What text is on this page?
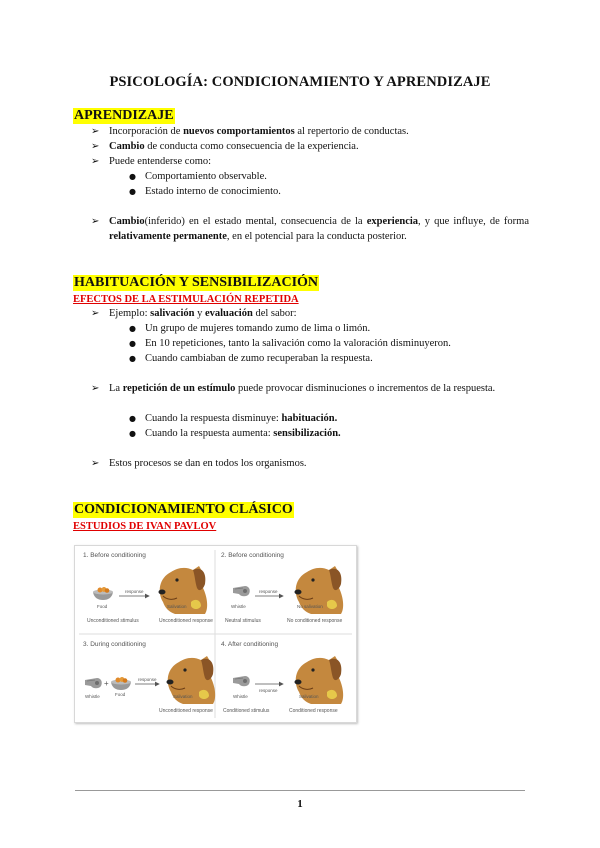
PSICOLOGÍA: CONDICIONAMIENTO Y APRENDIZAJE
APRENDIZAJE
➢ Incorporación de nuevos comportamientos al repertorio de conductas.
➢ Cambio de conducta como consecuencia de la experiencia.
➢ Puede entenderse como:
● Comportamiento observable.
● Estado interno de conocimiento.
➢ Cambio(inferido) en el estado mental, consecuencia de la experiencia, y que influye, de forma relativamente permanente, en el potencial para la conducta posterior.
HABITUACIÓN Y SENSIBILIZACIÓN
EFECTOS DE LA ESTIMULACIÓN REPETIDA
➢ Ejemplo: salivación y evaluación del sabor:
● Un grupo de mujeres tomando zumo de lima o limón.
● En 10 repeticiones, tanto la salivación como la valoración disminuyeron.
● Cuando cambiaban de zumo recuperaban la respuesta.
➢ La repetición de un estímulo puede provocar disminuciones o incrementos de la respuesta.
● Cuando la respuesta disminuye: habituación.
● Cuando la respuesta aumenta: sensibilización.
➢ Estos procesos se dan en todos los organismos.
CONDICIONAMIENTO CLÁSICO
ESTUDIOS DE IVAN PAVLOV
1. Before conditioning
response
Food	Salivation
Unconditioned stimulus	Unconditioned response
2. Before conditioning
response
Whistle	No salivation
Neutral stimulus	No conditioned response
3. During conditioning
+	response
Whistle	Food	Salivation
Unconditioned response
4. After conditioning
response
Whistle	Salivation
Conditioned stimulus	Conditioned response
1
